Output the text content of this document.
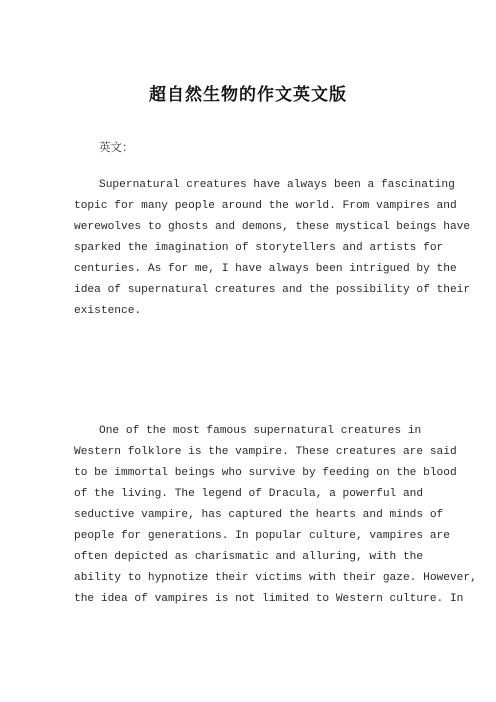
超自然生物的作文英文版
英文：
Supernatural creatures have always been a fascinating
topic for many people around the world. From vampires and
werewolves to ghosts and demons, these mystical beings have
sparked the imagination of storytellers and artists for
centuries. As for me, I have always been intrigued by the
idea of supernatural creatures and the possibility of their
existence.
One of the most famous supernatural creatures in
Western folklore is the vampire. These creatures are said
to be immortal beings who survive by feeding on the blood
of the living. The legend of Dracula, a powerful and
seductive vampire, has captured the hearts and minds of
people for generations. In popular culture, vampires are
often depicted as charismatic and alluring, with the
ability to hypnotize their victims with their gaze. However,
the idea of vampires is not limited to Western culture. In
